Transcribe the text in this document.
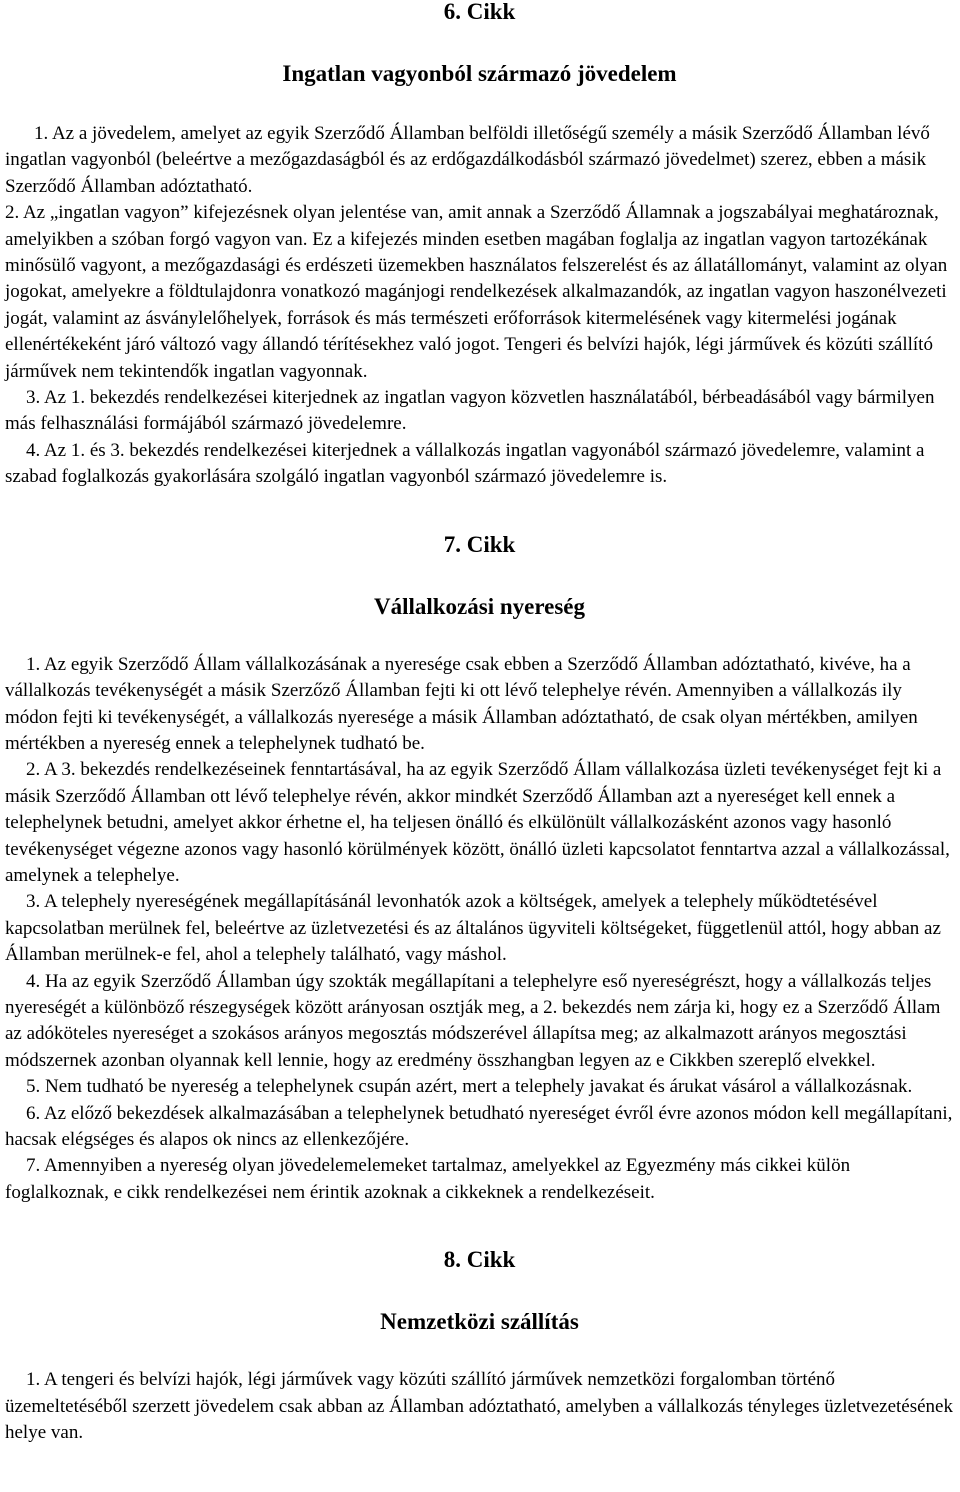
6. Cikk

Ingatlan vagyonból származó jövedelem

1. Az a jövedelem, amelyet az egyik Szerződő Államban belföldi illetőségű személy a másik Szerződő Államban lévő ingatlan vagyonból (beleértve a mezőgazdaságból és az erdőgazdálkodásból származó jövedelmet) szerez, ebben a másik Szerződő Államban adóztatható.

2. Az „ingatlan vagyon” kifejezésnek olyan jelentése van, amit annak a Szerződő Államnak a jogszabályai meghatároznak, amelyikben a szóban forgó vagyon van. Ez a kifejezés minden esetben magában foglalja az ingatlan vagyon tartozékának minősülő vagyont, a mezőgazdasági és erdészeti üzemekben használatos felszerelést és az állatállományt, valamint az olyan jogokat, amelyekre a földtulajdonra vonatkozó magánjogi rendelkezések alkalmazandók, az ingatlan vagyon haszonélvezeti jogát, valamint az ásványlelőhelyek, források és más természeti erőforrások kitermelésének vagy kitermelési jogának ellenértékeként járó változó vagy állandó térítésekhez való jogot. Tengeri és belvízi hajók, légi járművek és közúti szállító járművek nem tekintendők ingatlan vagyonnak.

3. Az 1. bekezdés rendelkezései kiterjednek az ingatlan vagyon közvetlen használatából, bérbeadásából vagy bármilyen más felhasználási formájából származó jövedelemre.

4. Az 1. és 3. bekezdés rendelkezései kiterjednek a vállalkozás ingatlan vagyonából származó jövedelemre, valamint a szabad foglalkozás gyakorlására szolgáló ingatlan vagyonból származó jövedelemre is.

7. Cikk

Vállalkozási nyereség

1. Az egyik Szerződő Állam vállalkozásának a nyeresége csak ebben a Szerződő Államban adóztatható, kivéve, ha a vállalkozás tevékenységét a másik Szerzőző Államban fejti ki ott lévő telephelye révén. Amennyiben a vállalkozás ily módon fejti ki tevékenységét, a vállalkozás nyeresége a másik Államban adóztatható, de csak olyan mértékben, amilyen mértékben a nyereség ennek a telephelynek tudható be.

2. A 3. bekezdés rendelkezéseinek fenntartásával, ha az egyik Szerződő Állam vállalkozása üzleti tevékenységet fejt ki a másik Szerződő Államban ott lévő telephelye révén, akkor mindkét Szerződő Államban azt a nyereséget kell ennek a telephelynek betudni, amelyet akkor érhetne el, ha teljesen önálló és elkülönült vállalkozásként azonos vagy hasonló tevékenységet végezne azonos vagy hasonló körülmények között, önálló üzleti kapcsolatot fenntartva azzal a vállalkozással, amelynek a telephelye.

3. A telephely nyereségének megállapításánál levonhatók azok a költségek, amelyek a telephely működtetésével kapcsolatban merülnek fel, beleértve az üzletvezetési és az általános ügyviteli költségeket, függetlenül attól, hogy abban az Államban merülnek-e fel, ahol a telephely található, vagy máshol.

4. Ha az egyik Szerződő Államban úgy szokták megállapítani a telephelyre eső nyereségrészt, hogy a vállalkozás teljes nyereségét a különböző részegységek között arányosan osztják meg, a 2. bekezdés nem zárja ki, hogy ez a Szerződő Állam az adóköteles nyereséget a szokásos arányos megosztás módszerével állapítsa meg; az alkalmazott arányos megosztási módszernek azonban olyannak kell lennie, hogy az eredmény összhangban legyen az e Cikkben szereplő elvekkel.

5. Nem tudható be nyereség a telephelynek csupán azért, mert a telephely javakat és árukat vásárol a vállalkozásnak.

6. Az előző bekezdések alkalmazásában a telephelynek betudható nyereséget évről évre azonos módon kell megállapítani, hacsak elégséges és alapos ok nincs az ellenkezőjére.

7. Amennyiben a nyereség olyan jövedelemelemeket tartalmaz, amelyekkel az Egyezmény más cikkei külön foglalkoznak, e cikk rendelkezései nem érintik azoknak a cikkeknek a rendelkezéseit.

8. Cikk

Nemzetközi szállítás

1. A tengeri és belvízi hajók, légi járművek vagy közúti szállító járművek nemzetközi forgalomban történő üzemeltetéséből szerzett jövedelem csak abban az Államban adóztatható, amelyben a vállalkozás tényleges üzletvezetésének helye van.
